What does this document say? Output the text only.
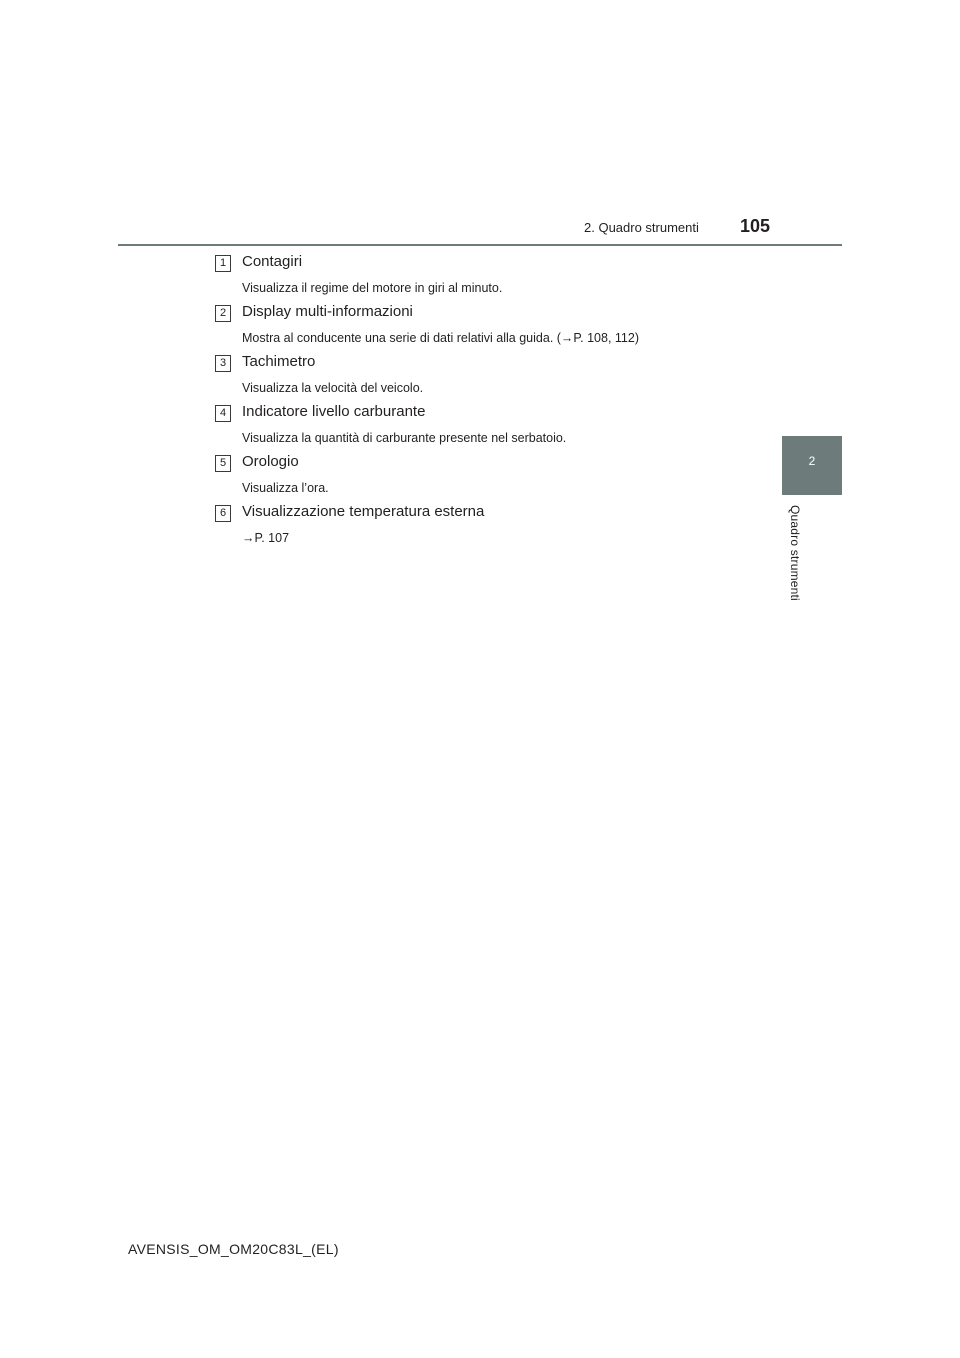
2. Quadro strumenti 105
2
Quadro strumenti
1	Contagiri
Visualizza il regime del motore in giri al minuto.
2	Display multi-informazioni
Mostra al conducente una serie di dati relativi alla guida. (→P. 108, 112)
3	Tachimetro
Visualizza la velocità del veicolo.
4	Indicatore livello carburante
Visualizza la quantità di carburante presente nel serbatoio.
5	Orologio
Visualizza l’ora.
6	Visualizzazione temperatura esterna
→P. 107
AVENSIS_OM_OM20C83L_(EL)
